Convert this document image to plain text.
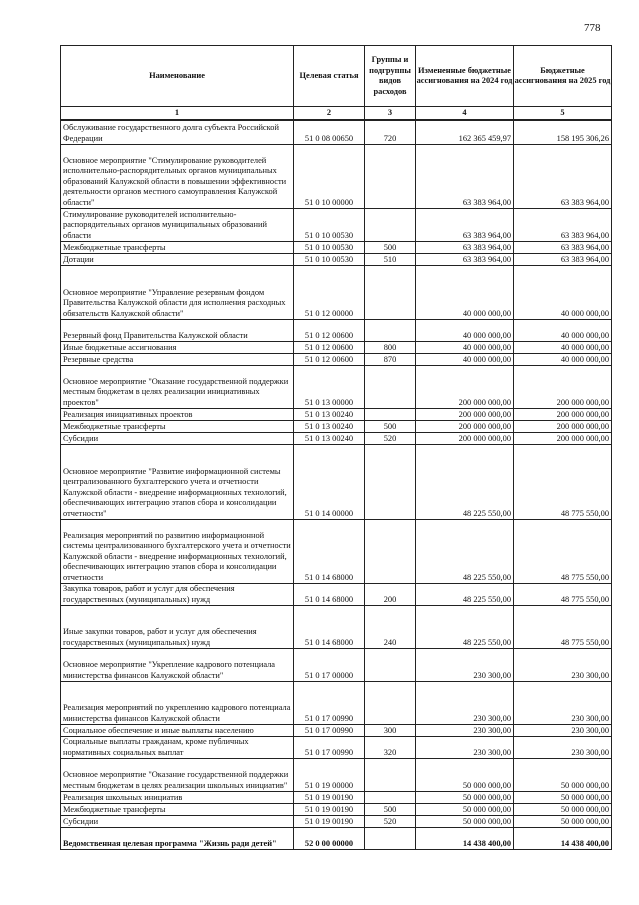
778
Наименование	Целевая статья	Группы и подгруппы видов расходов	Измененные бюджетные ассигнования на 2024 год	Бюджетные ассигнования на 2025 год
1	2	3	4	5
Обслуживание государственного долга субъекта Российской Федерации	51 0 08 00650	720	162 365 459,97	158 195 306,26
Основное мероприятие "Стимулирование руководителей исполнительно-распорядительных органов муниципальных образований Калужской области в повышении эффективности деятельности органов местного самоуправления Калужской области"	51 0 10 00000		63 383 964,00	63 383 964,00
Стимулирование руководителей исполнительно-распорядительных органов муниципальных образований области	51 0 10 00530		63 383 964,00	63 383 964,00
Межбюджетные трансферты	51 0 10 00530	500	63 383 964,00	63 383 964,00
Дотации	51 0 10 00530	510	63 383 964,00	63 383 964,00
Основное мероприятие "Управление резервным фондом Правительства Калужской области для исполнения расходных обязательств Калужской области"	51 0 12 00000		40 000 000,00	40 000 000,00
Резервный фонд Правительства Калужской области	51 0 12 00600		40 000 000,00	40 000 000,00
Иные бюджетные ассигнования	51 0 12 00600	800	40 000 000,00	40 000 000,00
Резервные средства	51 0 12 00600	870	40 000 000,00	40 000 000,00
Основное мероприятие "Оказание государственной поддержки местным бюджетам в целях реализации инициативных проектов"	51 0 13 00000		200 000 000,00	200 000 000,00
Реализация инициативных проектов	51 0 13 00240		200 000 000,00	200 000 000,00
Межбюджетные трансферты	51 0 13 00240	500	200 000 000,00	200 000 000,00
Субсидии	51 0 13 00240	520	200 000 000,00	200 000 000,00
Основное мероприятие "Развитие информационной системы централизованного бухгалтерского учета и отчетности Калужской области - внедрение информационных технологий, обеспечивающих интеграцию этапов сбора и консолидации отчетности"	51 0 14 00000		48 225 550,00	48 775 550,00
Реализация мероприятий по развитию информационной системы централизованного бухгалтерского учета и отчетности Калужской области - внедрение информационных технологий, обеспечивающих интеграцию этапов сбора и консолидации отчетности	51 0 14 68000		48 225 550,00	48 775 550,00
Закупка товаров, работ и услуг для обеспечения государственных (муниципальных) нужд	51 0 14 68000	200	48 225 550,00	48 775 550,00
Иные закупки товаров, работ и услуг для обеспечения государственных (муниципальных) нужд	51 0 14 68000	240	48 225 550,00	48 775 550,00
Основное мероприятие "Укрепление кадрового потенциала министерства финансов Калужской области"	51 0 17 00000		230 300,00	230 300,00
Реализация мероприятий по укреплению кадрового потенциала министерства финансов Калужской области	51 0 17 00990		230 300,00	230 300,00
Социальное обеспечение и иные выплаты населению	51 0 17 00990	300	230 300,00	230 300,00
Социальные выплаты гражданам, кроме публичных нормативных социальных выплат	51 0 17 00990	320	230 300,00	230 300,00
Основное мероприятие "Оказание государственной поддержки местным бюджетам в целях реализации школьных инициатив"	51 0 19 00000		50 000 000,00	50 000 000,00
Реализация школьных инициатив	51 0 19 00190		50 000 000,00	50 000 000,00
Межбюджетные трансферты	51 0 19 00190	500	50 000 000,00	50 000 000,00
Субсидии	51 0 19 00190	520	50 000 000,00	50 000 000,00
Ведомственная целевая программа "Жизнь ради детей"	52 0 00 00000		14 438 400,00	14 438 400,00
